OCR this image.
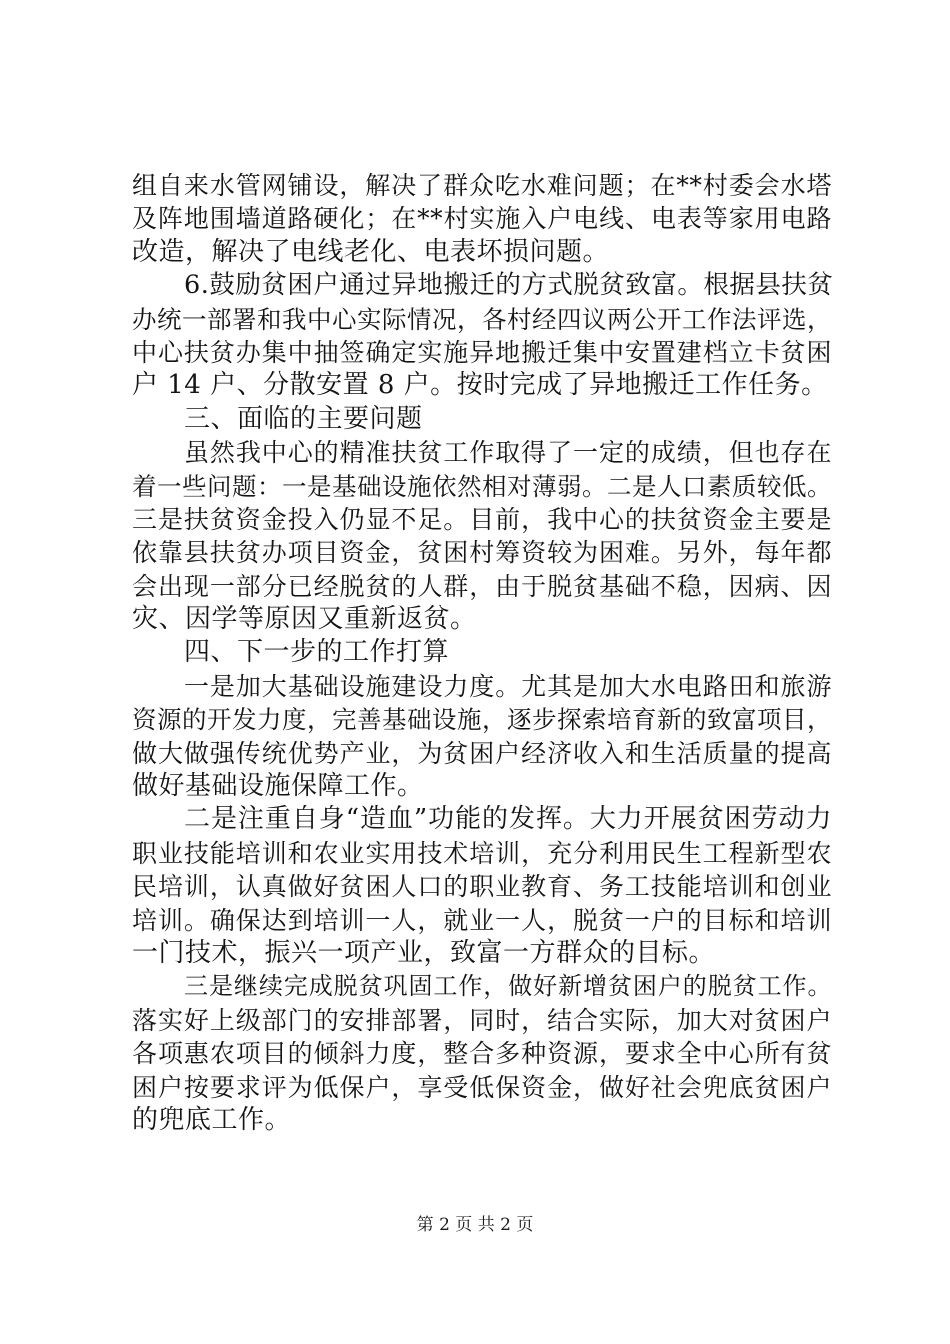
组自来水管网铺设，解决了群众吃水难问题；在**村委会水塔
及阵地围墙道路硬化；在**村实施入户电线、电表等家用电路
改造，解决了电线老化、电表坏损问题。
6.鼓励贫困户通过异地搬迁的方式脱贫致富。根据县扶贫
办统一部署和我中心实际情况，各村经四议两公开工作法评选，
中心扶贫办集中抽签确定实施异地搬迁集中安置建档立卡贫困
户 14 户、分散安置 8 户。按时完成了异地搬迁工作任务。
三、面临的主要问题
虽然我中心的精准扶贫工作取得了一定的成绩，但也存在
着一些问题：一是基础设施依然相对薄弱。二是人口素质较低。
三是扶贫资金投入仍显不足。目前，我中心的扶贫资金主要是
依靠县扶贫办项目资金，贫困村筹资较为困难。另外，每年都
会出现一部分已经脱贫的人群，由于脱贫基础不稳，因病、因
灾、因学等原因又重新返贫。
四、下一步的工作打算
一是加大基础设施建设力度。尤其是加大水电路田和旅游
资源的开发力度，完善基础设施，逐步探索培育新的致富项目，
做大做强传统优势产业，为贫困户经济收入和生活质量的提高
做好基础设施保障工作。
二是注重自身“造血”功能的发挥。大力开展贫困劳动力
职业技能培训和农业实用技术培训，充分利用民生工程新型农
民培训，认真做好贫困人口的职业教育、务工技能培训和创业
培训。确保达到培训一人，就业一人，脱贫一户的目标和培训
一门技术，振兴一项产业，致富一方群众的目标。
三是继续完成脱贫巩固工作，做好新增贫困户的脱贫工作。
落实好上级部门的安排部署，同时，结合实际，加大对贫困户
各项惠农项目的倾斜力度，整合多种资源，要求全中心所有贫
困户按要求评为低保户，享受低保资金，做好社会兜底贫困户
的兜底工作。
第 2 页 共 2 页
